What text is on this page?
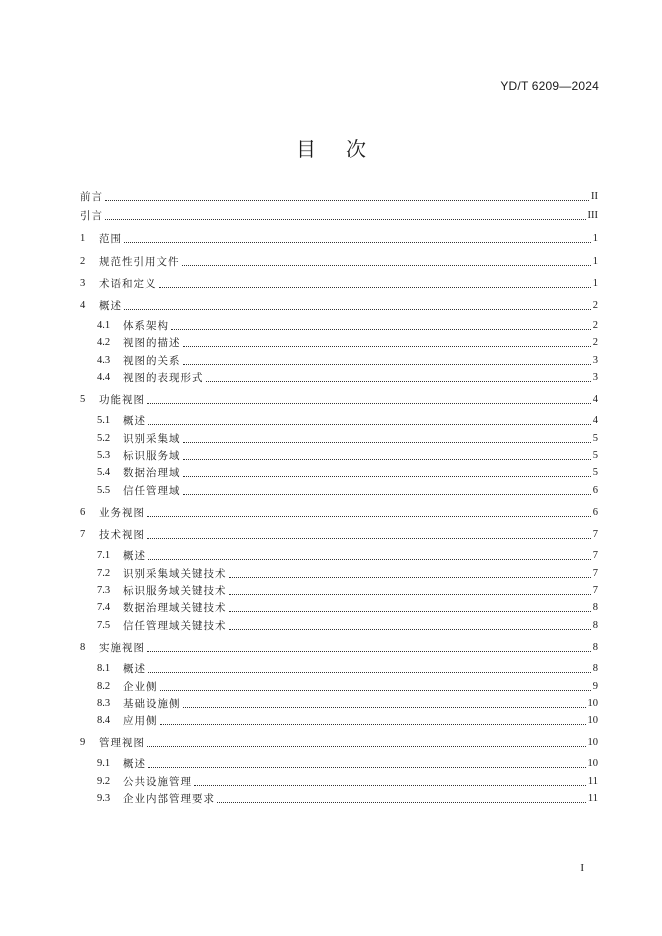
YD/T 6209—2024
目次
前言	II
引言	III
1	范围	1
2	规范性引用文件	1
3	术语和定义	1
4	概述	2
4.1	体系架构	2
4.2	视图的描述	2
4.3	视图的关系	3
4.4	视图的表现形式	3
5	功能视图	4
5.1	概述	4
5.2	识别采集域	5
5.3	标识服务域	5
5.4	数据治理域	5
5.5	信任管理域	6
6	业务视图	6
7	技术视图	7
7.1	概述	7
7.2	识别采集域关键技术	7
7.3	标识服务域关键技术	7
7.4	数据治理域关键技术	8
7.5	信任管理域关键技术	8
8	实施视图	8
8.1	概述	8
8.2	企业侧	9
8.3	基础设施侧	10
8.4	应用侧	10
9	管理视图	10
9.1	概述	10
9.2	公共设施管理	11
9.3	企业内部管理要求	11
I
